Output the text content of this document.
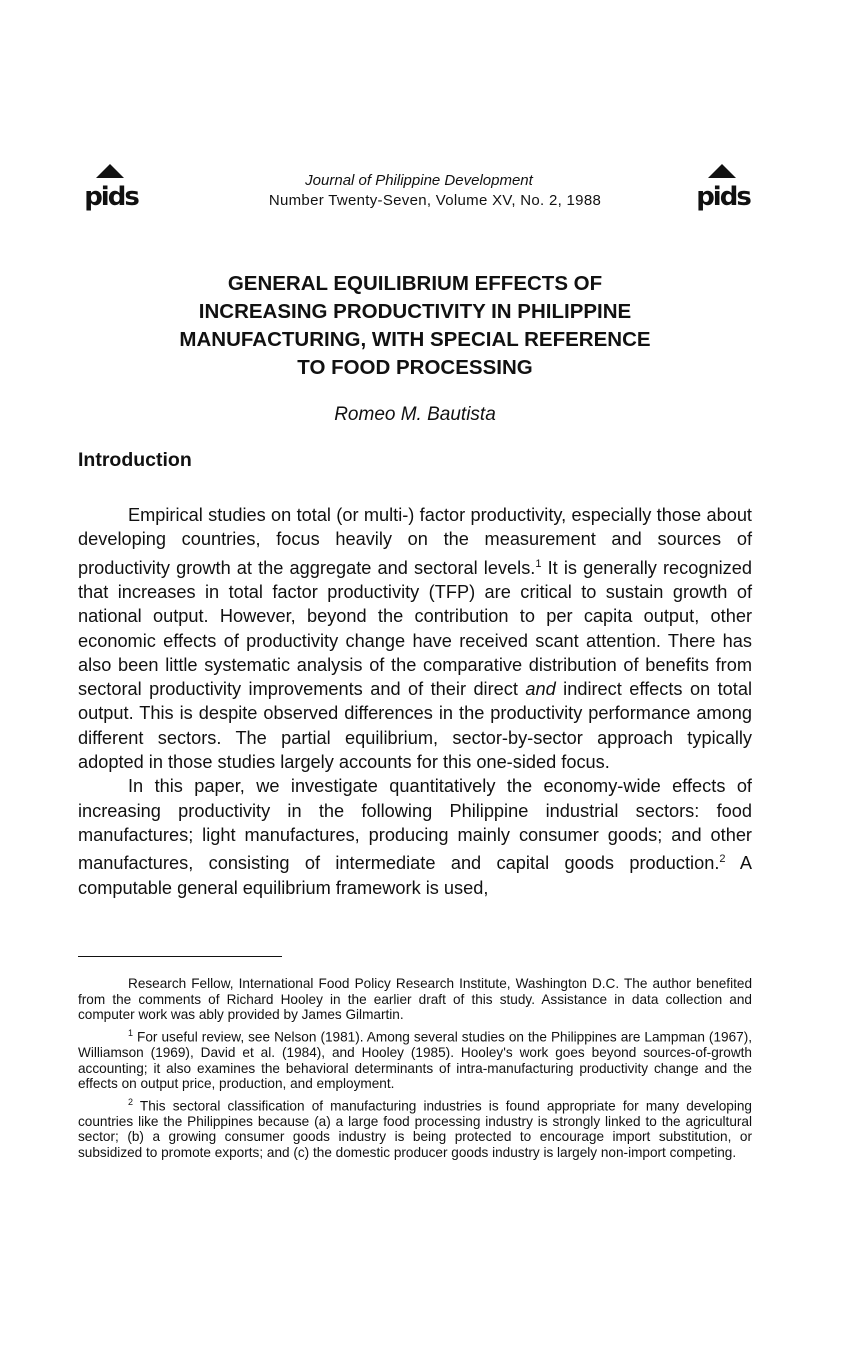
pids	pids
Journal of Philippine Development
Number Twenty-Seven, Volume XV, No. 2, 1988
GENERAL EQUILIBRIUM EFFECTS OF
INCREASING PRODUCTIVITY IN PHILIPPINE
MANUFACTURING, WITH SPECIAL REFERENCE
TO FOOD PROCESSING
Romeo M. Bautista
Introduction

Empirical studies on total (or multi-) factor productivity, especially those about developing countries, focus heavily on the measurement and sources of productivity growth at the aggregate and sectoral levels.$^1$ It is generally recognized that increases in total factor productivity (TFP) are critical to sustain growth of national output. However, beyond the contribution to per capita output, other economic effects of productivity change have received scant attention. There has also been little systematic analysis of the comparative distribution of benefits from sectoral productivity improvements and of their direct and indirect effects on total output. This is despite observed differences in the productivity performance among different sectors. The partial equilibrium, sector-by-sector approach typically adopted in those studies largely accounts for this one-sided focus.

In this paper, we investigate quantitatively the economy-wide effects of increasing productivity in the following Philippine industrial sectors: food manufactures; light manufactures, producing mainly consumer goods; and other manufactures, consisting of intermediate and capital goods production.$^2$ A computable general equilibrium framework is used,

Research Fellow, International Food Policy Research Institute, Washington D.C. The author benefited from the comments of Richard Hooley in the earlier draft of this study. Assistance in data collection and computer work was ably provided by James Gilmartin.

$^1$ For useful review, see Nelson (1981). Among several studies on the Philippines are Lampman (1967), Williamson (1969), David et al. (1984), and Hooley (1985). Hooley's work goes beyond sources-of-growth accounting; it also examines the behavioral determinants of intra-manufacturing productivity change and the effects on output price, production, and employment.

$^2$ This sectoral classification of manufacturing industries is found appropriate for many developing countries like the Philippines because (a) a large food processing industry is strongly linked to the agricultural sector; (b) a growing consumer goods industry is being protected to encourage import substitution, or subsidized to promote exports; and (c) the domestic producer goods industry is largely non-import competing.
